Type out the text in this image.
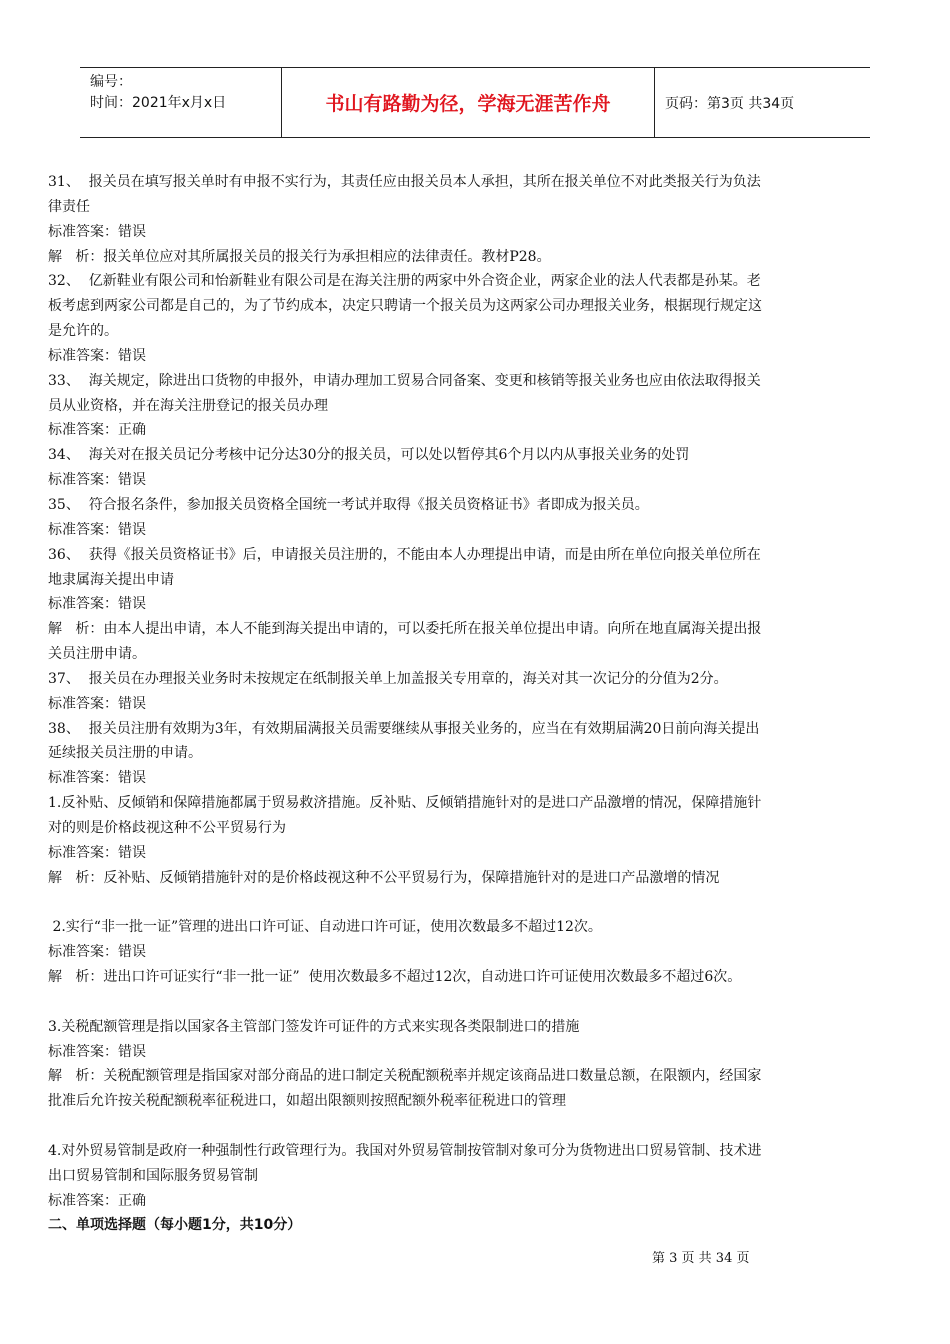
编号：
时间：2021年x月x日	书山有路勤为径，学海无涯苦作舟	页码：第3页 共34页
31、  报关员在填写报关单时有申报不实行为，其责任应由报关员本人承担，其所在报关单位不对此类报关行为负法
律责任
标准答案：错误
解   析：报关单位应对其所属报关员的报关行为承担相应的法律责任。教材P28。
32、  亿新鞋业有限公司和怡新鞋业有限公司是在海关注册的两家中外合资企业，两家企业的法人代表都是孙某。老
板考虑到两家公司都是自己的，为了节约成本，决定只聘请一个报关员为这两家公司办理报关业务，根据现行规定这
是允许的。
标准答案：错误
33、  海关规定，除进出口货物的申报外，申请办理加工贸易合同备案、变更和核销等报关业务也应由依法取得报关
员从业资格，并在海关注册登记的报关员办理
标准答案：正确
34、  海关对在报关员记分考核中记分达30分的报关员，可以处以暂停其6个月以内从事报关业务的处罚
标准答案：错误
35、  符合报名条件，参加报关员资格全国统一考试并取得《报关员资格证书》者即成为报关员。
标准答案：错误
36、  获得《报关员资格证书》后，申请报关员注册的，不能由本人办理提出申请，而是由所在单位向报关单位所在
地隶属海关提出申请
标准答案：错误
解   析：由本人提出申请，本人不能到海关提出申请的，可以委托所在报关单位提出申请。向所在地直属海关提出报
关员注册申请。
37、  报关员在办理报关业务时未按规定在纸制报关单上加盖报关专用章的，海关对其一次记分的分值为2分。
标准答案：错误
38、  报关员注册有效期为3年，有效期届满报关员需要继续从事报关业务的，应当在有效期届满20日前向海关提出
延续报关员注册的申请。
标准答案：错误
1.反补贴、反倾销和保障措施都属于贸易救济措施。反补贴、反倾销措施针对的是进口产品激增的情况，保障措施针
对的则是价格歧视这种不公平贸易行为
标准答案：错误
解   析：反补贴、反倾销措施针对的是价格歧视这种不公平贸易行为，保障措施针对的是进口产品激增的情况
2.实行“非一批一证”管理的进出口许可证、自动进口许可证，使用次数最多不超过12次。
标准答案：错误
解   析：进出口许可证实行“非一批一证”  使用次数最多不超过12次，自动进口许可证使用次数最多不超过6次。
3.关税配额管理是指以国家各主管部门签发许可证件的方式来实现各类限制进口的措施
标准答案：错误
解   析：关税配额管理是指国家对部分商品的进口制定关税配额税率并规定该商品进口数量总额，在限额内，经国家
批准后允许按关税配额税率征税进口，如超出限额则按照配额外税率征税进口的管理
4.对外贸易管制是政府一种强制性行政管理行为。我国对外贸易管制按管制对象可分为货物进出口贸易管制、技术进
出口贸易管制和国际服务贸易管制
标准答案：正确
二、单项选择题（每小题1分，共10分）
第 3 页 共 34 页
